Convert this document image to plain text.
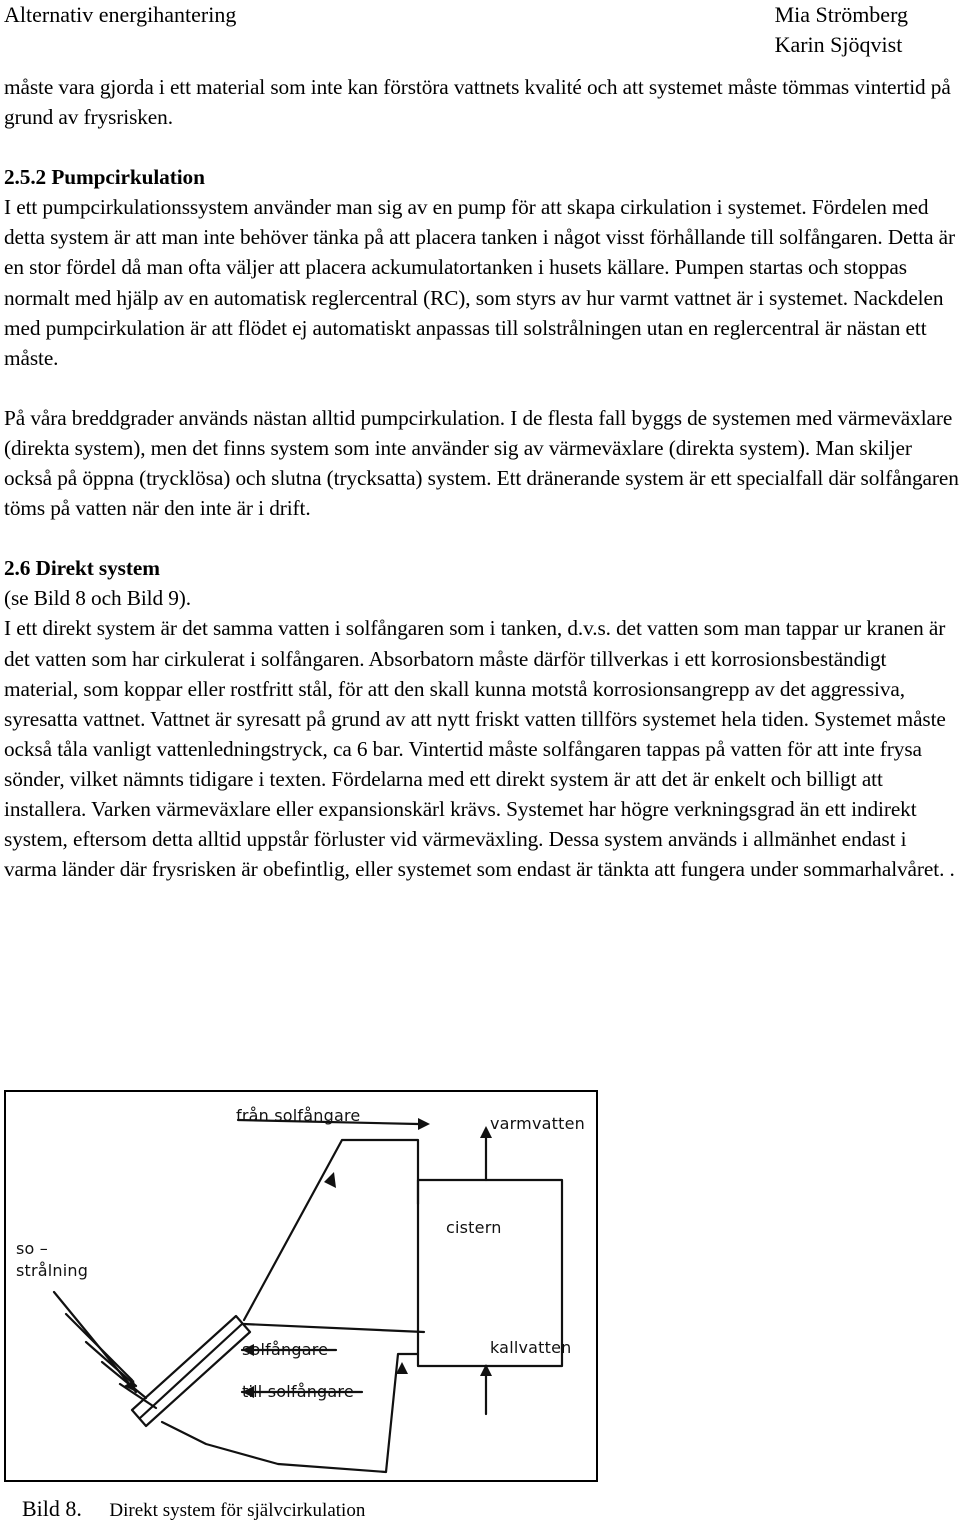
Alternativ energihantering	Mia Strömberg
Karin Sjöqvist

måste vara gjorda i ett material som inte kan förstöra vattnets kvalité och att systemet måste tömmas vintertid på grund av frysrisken.

2.5.2 Pumpcirkulation

I ett pumpcirkulationssystem använder man sig av en pump för att skapa cirkulation i systemet. Fördelen med detta system är att man inte behöver tänka på att placera tanken i något visst förhållande till solfångaren. Detta är en stor fördel då man ofta väljer att placera ackumulatortanken i husets källare. Pumpen startas och stoppas normalt med hjälp av en automatisk reglercentral (RC), som styrs av hur varmt vattnet är i systemet. Nackdelen med pumpcirkulation är att flödet ej automatiskt anpassas till solstrålningen utan en reglercentral är nästan ett måste.

På våra breddgrader används nästan alltid pumpcirkulation. I de flesta fall byggs de systemen med värmeväxlare (direkta system), men det finns system som inte använder sig av värmeväxlare (direkta system). Man skiljer också på öppna (trycklösa) och slutna (trycksatta) system. Ett dränerande system är ett specialfall där solfångaren töms på vatten när den inte är i drift.

2.6 Direkt system

(se Bild 8 och Bild 9).

I ett direkt system är det samma vatten i solfångaren som i tanken, d.v.s. det vatten som man tappar ur kranen är det vatten som har cirkulerat i solfångaren. Absorbatorn måste därför tillverkas i ett korrosionsbeständigt material, som koppar eller rostfritt stål, för att den skall kunna motstå korrosionsangrepp av det aggressiva, syresatta vattnet. Vattnet är syresatt på grund av att nytt friskt vatten tillförs systemet hela tiden. Systemet måste också tåla vanligt vattenledningstryck, ca 6 bar. Vintertid måste solfångaren tappas på vatten för att inte frysa sönder, vilket nämnts tidigare i texten. Fördelarna med ett direkt system är att det är enkelt och billigt att installera. Varken värmeväxlare eller expansionskärl krävs. Systemet har högre verkningsgrad än ett indirekt system, eftersom detta alltid uppstår förluster vid värmeväxling. Dessa system används i allmänhet endast i varma länder där frysrisken är obefintlig, eller systemet som endast är tänkta att fungera under sommarhalvåret. .

från solfångare	varmvatten
cistern
so –
strålning
solfångare	kallvatten
till solfångare
Bild 8. Direkt system för självcirkulation
